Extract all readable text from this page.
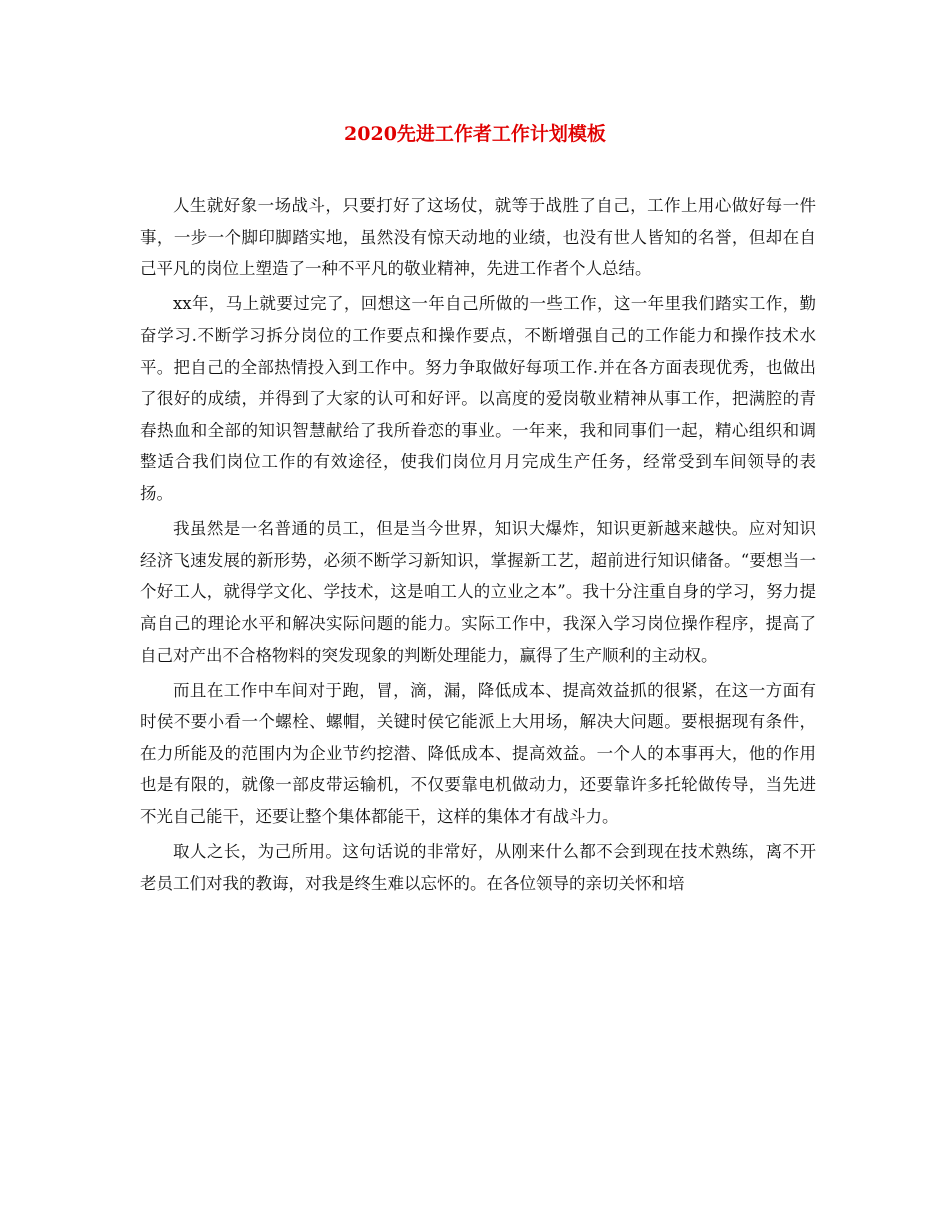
2020先进工作者工作计划模板

人生就好象一场战斗，只要打好了这场仗，就等于战胜了自己，工作上用心做好每一件事，一步一个脚印脚踏实地，虽然没有惊天动地的业绩，也没有世人皆知的名誉，但却在自己平凡的岗位上塑造了一种不平凡的敬业精神，先进工作者个人总结。

xx年，马上就要过完了，回想这一年自己所做的一些工作，这一年里我们踏实工作，勤奋学习.不断学习拆分岗位的工作要点和操作要点，不断增强自己的工作能力和操作技术水平。把自己的全部热情投入到工作中。努力争取做好每项工作.并在各方面表现优秀，也做出了很好的成绩，并得到了大家的认可和好评。以高度的爱岗敬业精神从事工作，把满腔的青春热血和全部的知识智慧献给了我所眷恋的事业。一年来，我和同事们一起，精心组织和调整适合我们岗位工作的有效途径，使我们岗位月月完成生产任务，经常受到车间领导的表扬。

我虽然是一名普通的员工，但是当今世界，知识大爆炸，知识更新越来越快。应对知识经济飞速发展的新形势，必须不断学习新知识，掌握新工艺，超前进行知识储备。“要想当一个好工人，就得学文化、学技术，这是咱工人的立业之本”。我十分注重自身的学习，努力提高自己的理论水平和解决实际问题的能力。实际工作中，我深入学习岗位操作程序，提高了自己对产出不合格物料的突发现象的判断处理能力，赢得了生产顺利的主动权。

而且在工作中车间对于跑，冒，滴，漏，降低成本、提高效益抓的很紧，在这一方面有时侯不要小看一个螺栓、螺帽，关键时侯它能派上大用场，解决大问题。要根据现有条件，在力所能及的范围内为企业节约挖潜、降低成本、提高效益。一个人的本事再大，他的作用也是有限的，就像一部皮带运输机，不仅要靠电机做动力，还要靠许多托轮做传导，当先进不光自己能干，还要让整个集体都能干，这样的集体才有战斗力。

取人之长，为己所用。这句话说的非常好，从刚来什么都不会到现在技术熟练，离不开老员工们对我的教诲，对我是终生难以忘怀的。在各位领导的亲切关怀和培
